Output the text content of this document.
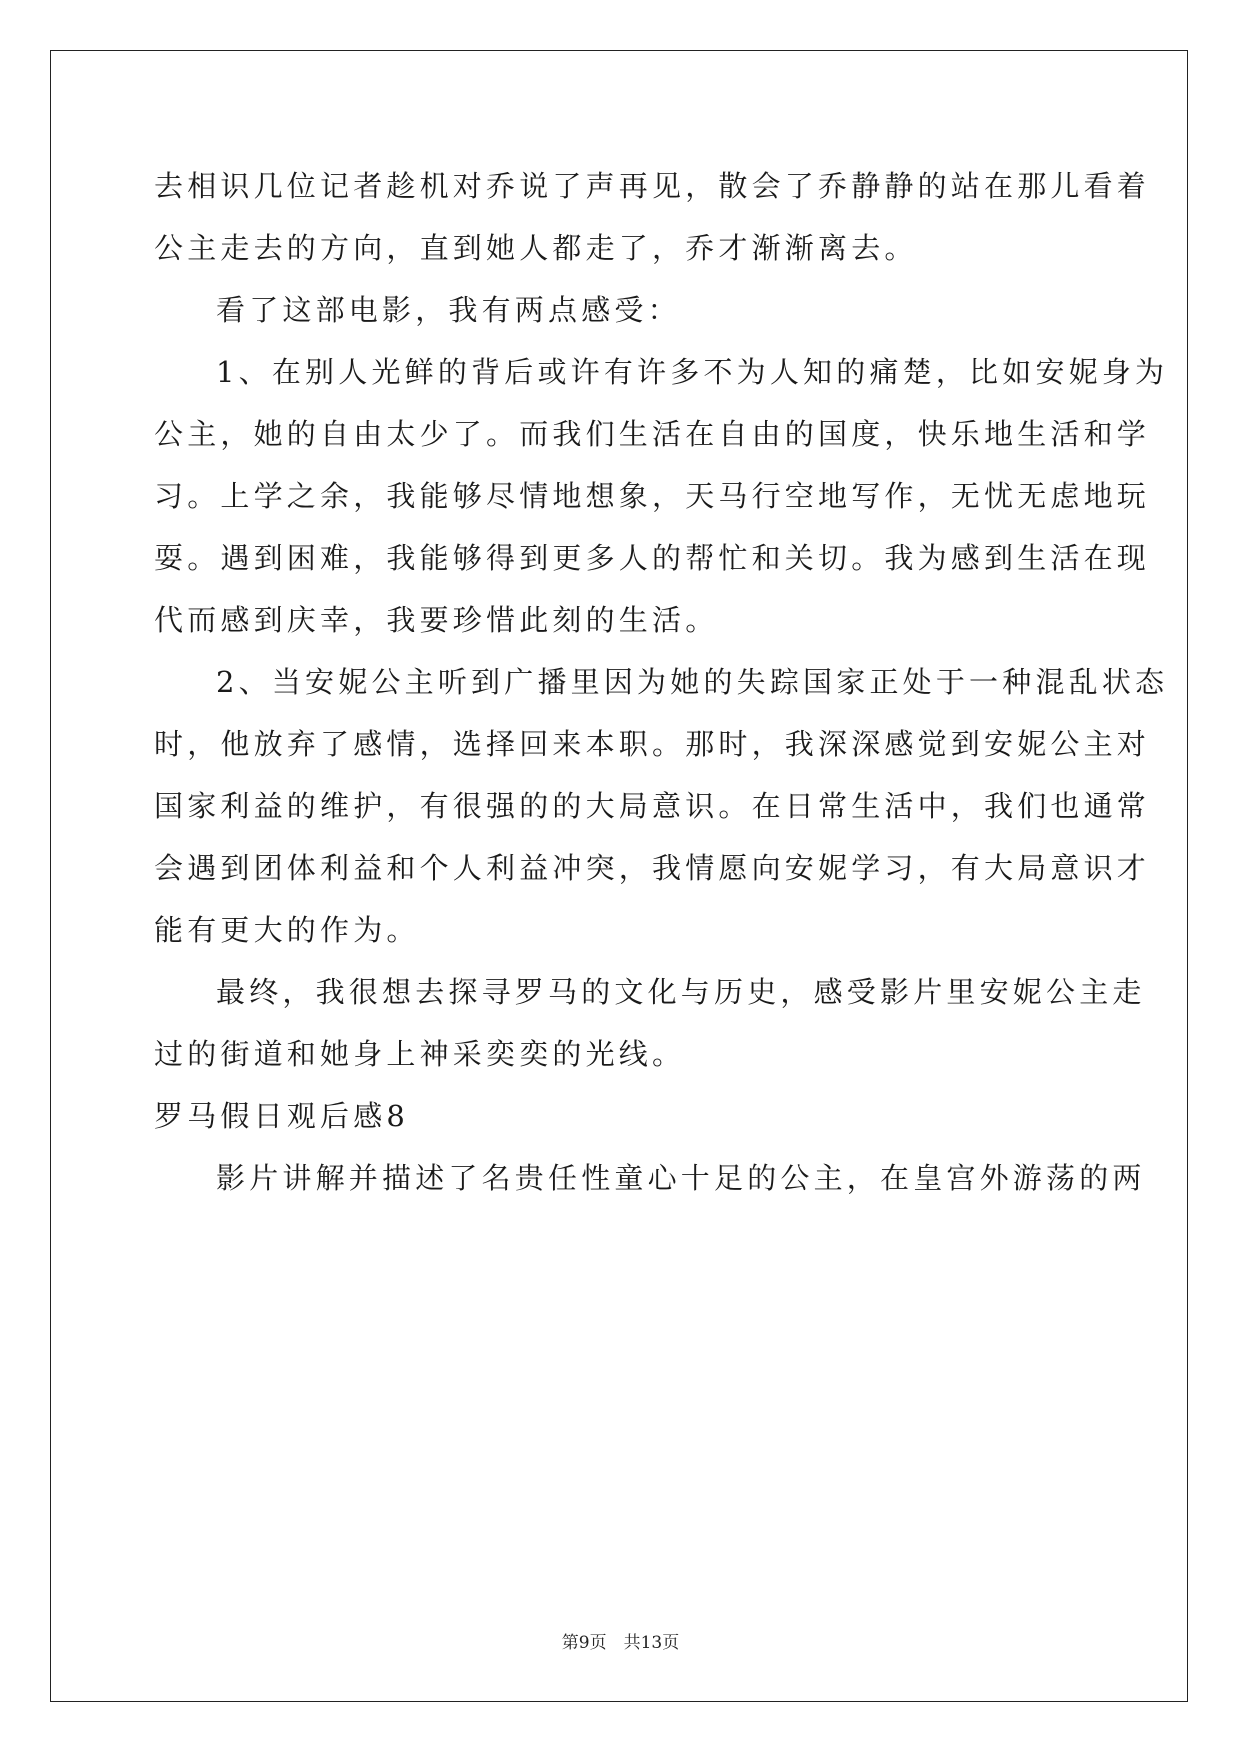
去相识几位记者趁机对乔说了声再见，散会了乔静静的站在那儿看着
公主走去的方向，直到她人都走了，乔才渐渐离去。
看了这部电影，我有两点感受：
1、在别人光鲜的背后或许有许多不为人知的痛楚，比如安妮身为
公主，她的自由太少了。而我们生活在自由的国度，快乐地生活和学
习。上学之余，我能够尽情地想象，天马行空地写作，无忧无虑地玩
耍。遇到困难，我能够得到更多人的帮忙和关切。我为感到生活在现
代而感到庆幸，我要珍惜此刻的生活。
2、当安妮公主听到广播里因为她的失踪国家正处于一种混乱状态
时，他放弃了感情，选择回来本职。那时，我深深感觉到安妮公主对
国家利益的维护，有很强的的大局意识。在日常生活中，我们也通常
会遇到团体利益和个人利益冲突，我情愿向安妮学习，有大局意识才
能有更大的作为。
最终，我很想去探寻罗马的文化与历史，感受影片里安妮公主走
过的街道和她身上神采奕奕的光线。
罗马假日观后感8
影片讲解并描述了名贵任性童心十足的公主，在皇宫外游荡的两
第9页　共13页
